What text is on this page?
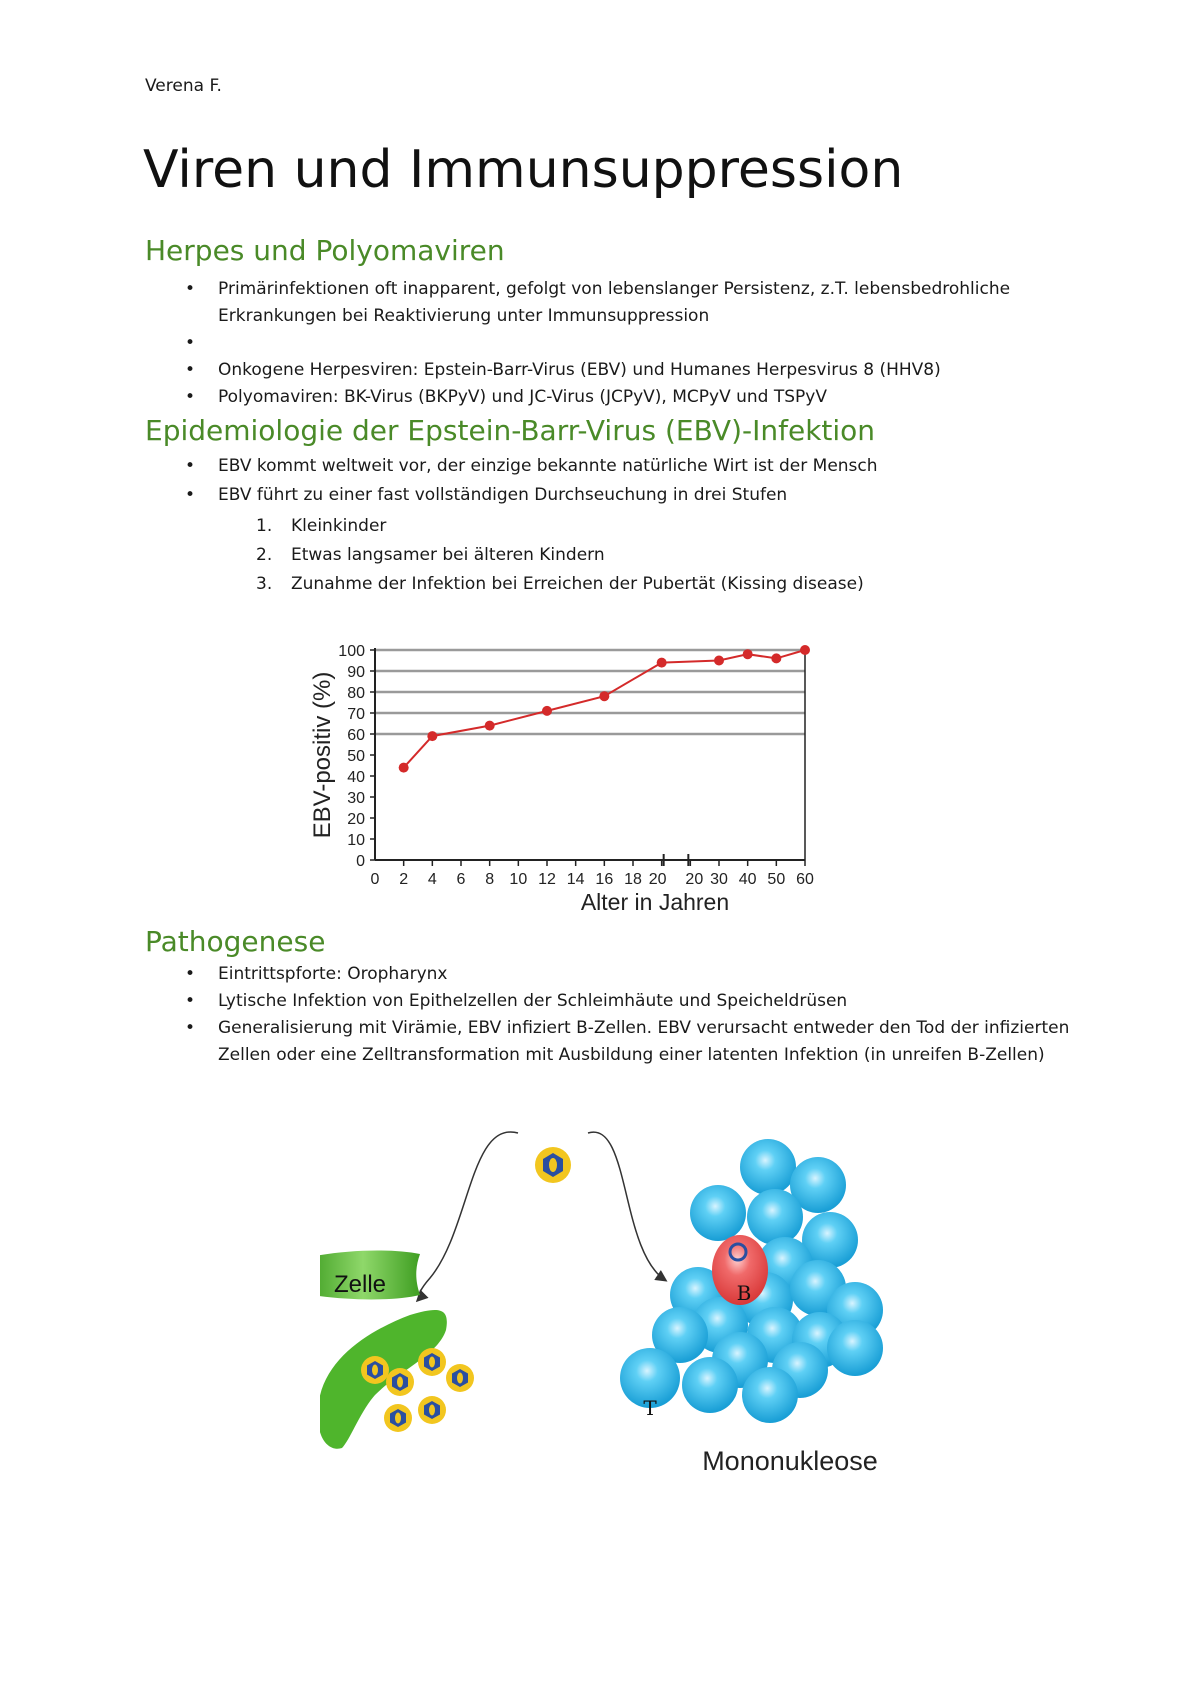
Verena F.
Viren und Immunsuppression
Herpes und Polyomaviren
• Primärinfektionen oft inapparent, gefolgt von lebenslanger Persistenz, z.T. lebensbedrohliche Erkrankungen bei Reaktivierung unter Immunsuppression
•
• Onkogene Herpesviren: Epstein-Barr-Virus (EBV) und Humanes Herpesvirus 8 (HHV8)
• Polyomaviren: BK-Virus (BKPyV) und JC-Virus (JCPyV), MCPyV und TSPyV
Epidemiologie der Epstein-Barr-Virus (EBV)-Infektion
• EBV kommt weltweit vor, der einzige bekannte natürliche Wirt ist der Mensch
• EBV führt zu einer fast vollständigen Durchseuchung in drei Stufen
1. Kleinkinder
2. Etwas langsamer bei älteren Kindern
3. Zunahme der Infektion bei Erreichen der Pubertät (Kissing disease)
0
10
20
30
40
50
60
70
80
90
100
0 2 4 6 8 10 12 14 16 18 20 20 30 40 50 60
EBV-positiv (%)
Alter in Jahren
Pathogenese
• Eintrittspforte: Oropharynx
• Lytische Infektion von Epithelzellen der Schleimhäute und Speicheldrüsen
• Generalisierung mit Virämie, EBV infiziert B-Zellen. EBV verursacht entweder den Tod der infizierten Zellen oder eine Zelltransformation mit Ausbildung einer latenten Infektion (in unreifen B-Zellen)
Zelle	B
T
Mononukleose
